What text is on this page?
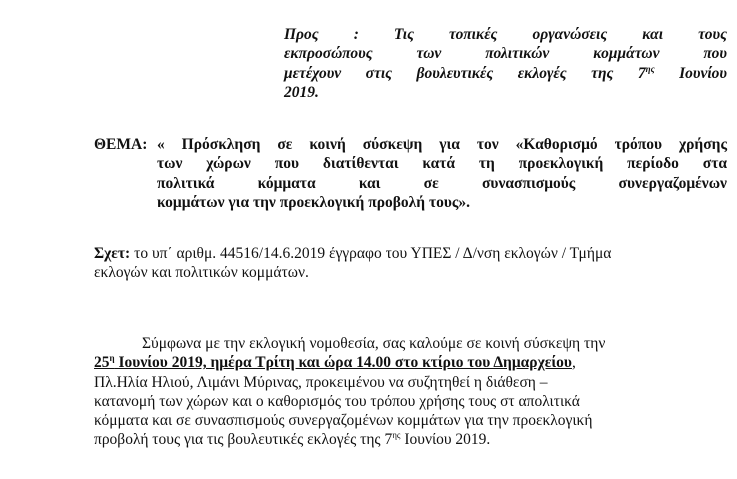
Προς : Τις τοπικές οργανώσεις και τους
εκπροσώπους των πολιτικών κομμάτων που
μετέχουν στις βουλευτικές εκλογές της $7^{\eta\varsigma}$ Ιουνίου
2019.
ΘΕΜΑ: « Πρόσκληση σε κοινή σύσκεψη για τον «Καθορισμό τρόπου χρήσης
των χώρων που διατίθενται κατά τη προεκλογική περίοδο στα
πολιτικά κόμματα και σε συνασπισμούς συνεργαζομένων
κομμάτων για την προεκλογική προβολή τους».
Σχετ: το υπ΄ αριθμ. 44516/14.6.2019 έγγραφο του ΥΠΕΣ / Δ/νση εκλογών / Τμήμα
εκλογών και πολιτικών κομμάτων.
Σύμφωνα με την εκλογική νομοθεσία, σας καλούμε σε κοινή σύσκεψη την
$25^\eta$ Ιουνίου 2019, ημέρα Τρίτη και ώρα 14.00 στο κτίριο του Δημαρχείου,
Πλ.Ηλία Ηλιού, Λιμάνι Μύρινας, προκειμένου να συζητηθεί η διάθεση –
κατανομή των χώρων και ο καθορισμός του τρόπου χρήσης τους στ απολιτικά
κόμματα και σε συνασπισμούς συνεργαζομένων κομμάτων για την προεκλογική
προβολή τους για τις βουλευτικές εκλογές της $7^{\eta\varsigma}$ Ιουνίου 2019.
